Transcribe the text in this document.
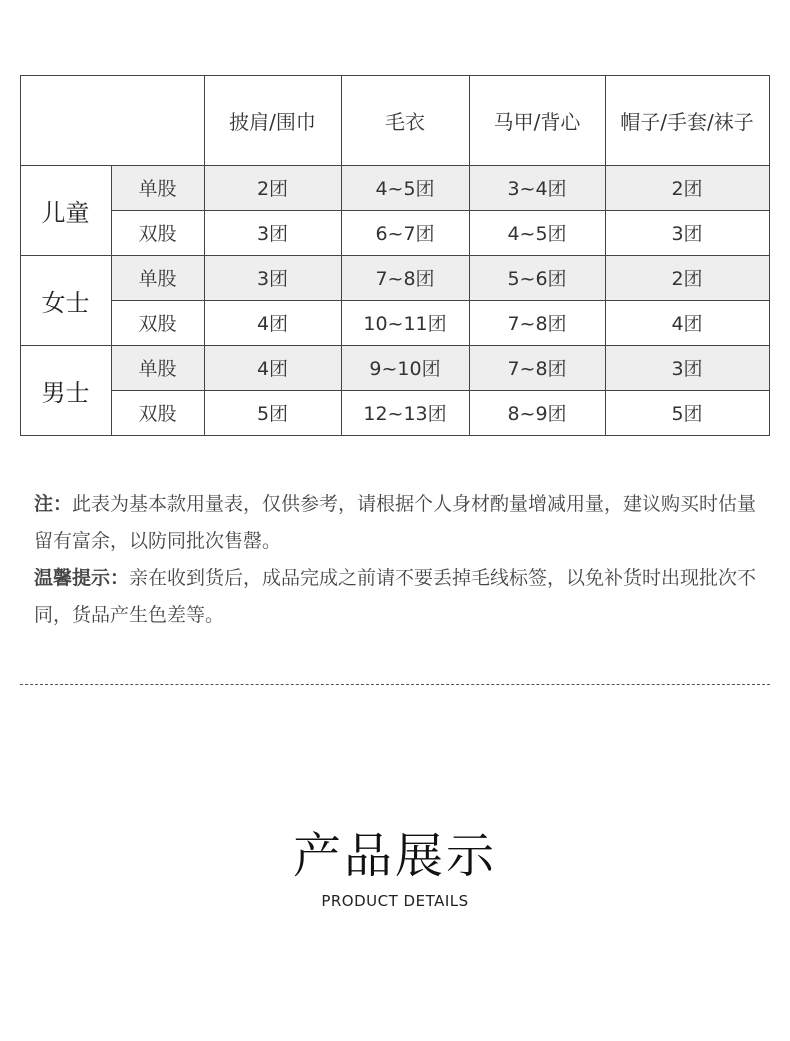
披肩/围巾	毛衣	马甲/背心	帽子/手套/袜子
儿童
单股	2团	4~5团	3~4团	2团
双股	3团	6~7团	4~5团	3团
女士
单股	3团	7~8团	5~6团	2团
双股	4团	10~11团	7~8团	4团
男士
单股	4团	9~10团	7~8团	3团
双股	5团	12~13团	8~9团	5团

注：此表为基本款用量表，仅供参考，请根据个人身材酌量增减用量，建议购买时估量留有富余，以防同批次售罄。

温馨提示：亲在收到货后，成品完成之前请不要丢掉毛线标签，以免补货时出现批次不同，货品产生色差等。

产品展示
PRODUCT DETAILS
